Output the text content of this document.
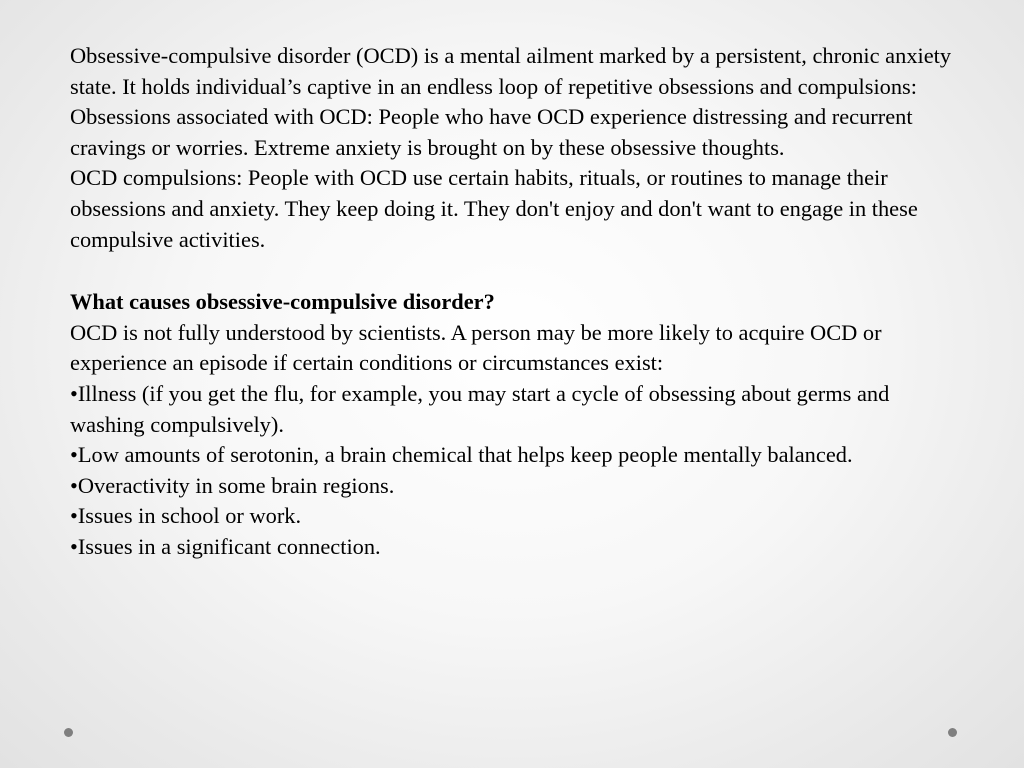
Obsessive-compulsive disorder (OCD) is a mental ailment marked by a persistent, chronic anxiety state. It holds individual’s captive in an endless loop of repetitive obsessions and compulsions:

Obsessions associated with OCD: People who have OCD experience distressing and recurrent cravings or worries. Extreme anxiety is brought on by these obsessive thoughts.

OCD compulsions: People with OCD use certain habits, rituals, or routines to manage their obsessions and anxiety. They keep doing it. They don't enjoy and don't want to engage in these compulsive activities.

What causes obsessive-compulsive disorder?

OCD is not fully understood by scientists. A person may be more likely to acquire OCD or experience an episode if certain conditions or circumstances exist:

•Illness (if you get the flu, for example, you may start a cycle of obsessing about germs and washing compulsively).

•Low amounts of serotonin, a brain chemical that helps keep people mentally balanced.

•Overactivity in some brain regions.

•Issues in school or work.

•Issues in a significant connection.
